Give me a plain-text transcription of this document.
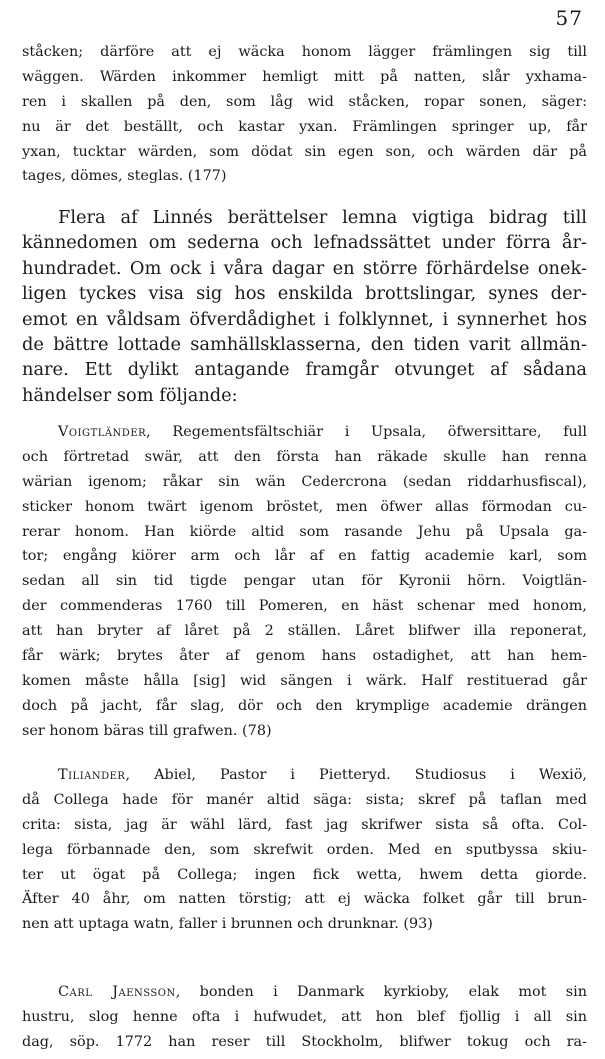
57
ståcken; därföre att ej wäcka honom lägger främlingen sig till
wäggen. Wärden inkommer hemligt mitt på natten, slår yxhama-
ren i skallen på den, som låg wid ståcken, ropar sonen, säger:
nu är det beställt, och kastar yxan. Främlingen springer up, får
yxan, tucktar wärden, som dödat sin egen son, och wärden där på
tages, dömes, steglas. (177)
Flera af Linnés berättelser lemna vigtiga bidrag till
kännedomen om sederna och lefnadssättet under förra år-
hundradet. Om ock i våra dagar en större förhärdelse onek-
ligen tyckes visa sig hos enskilda brottslingar, synes der-
emot en våldsam öfverdådighet i folklynnet, i synnerhet hos
de bättre lottade samhällsklasserna, den tiden varit allmän-
nare. Ett dylikt antagande framgår otvunget af sådana
händelser som följande:
Voigtländer, Regementsfältschiär i Upsala, öfwersittare, full
och förtretad swär, att den första han räkade skulle han renna
wärian igenom; råkar sin wän Cedercrona (sedan riddarhusfiscal),
sticker honom twärt igenom bröstet, men öfwer allas förmodan cu-
rerar honom. Han kiörde altid som rasande Jehu på Upsala ga-
tor; engång kiörer arm och lår af en fattig academie karl, som
sedan all sin tid tigde pengar utan för Kyronii hörn. Voigtlän-
der commenderas 1760 till Pomeren, en häst schenar med honom,
att han bryter af låret på 2 ställen. Låret blifwer illa reponerat,
får wärk; brytes åter af genom hans ostadighet, att han hem-
komen måste hålla [sig] wid sängen i wärk. Half restituerad går
doch på jacht, får slag, dör och den krymplige academie drängen
ser honom bäras till grafwen. (78)
Tiliander, Abiel, Pastor i Pietteryd. Studiosus i Wexiö,
då Collega hade för manér altid säga: sista; skref på taflan med
crita: sista, jag är wähl lärd, fast jag skrifwer sista så ofta. Col-
lega förbannade den, som skrefwit orden. Med en sputbyssa skiu-
ter ut ögat på Collega; ingen fick wetta, hwem detta giorde.
Äfter 40 åhr, om natten törstig; att ej wäcka folket går till brun-
nen att uptaga watn, faller i brunnen och drunknar. (93)
Carl Jaensson, bonden i Danmark kyrkioby, elak mot sin
hustru, slog henne ofta i hufwudet, att hon blef fjollig i all sin
dag, söp. 1772 han reser till Stockholm, blifwer tokug och ra-
